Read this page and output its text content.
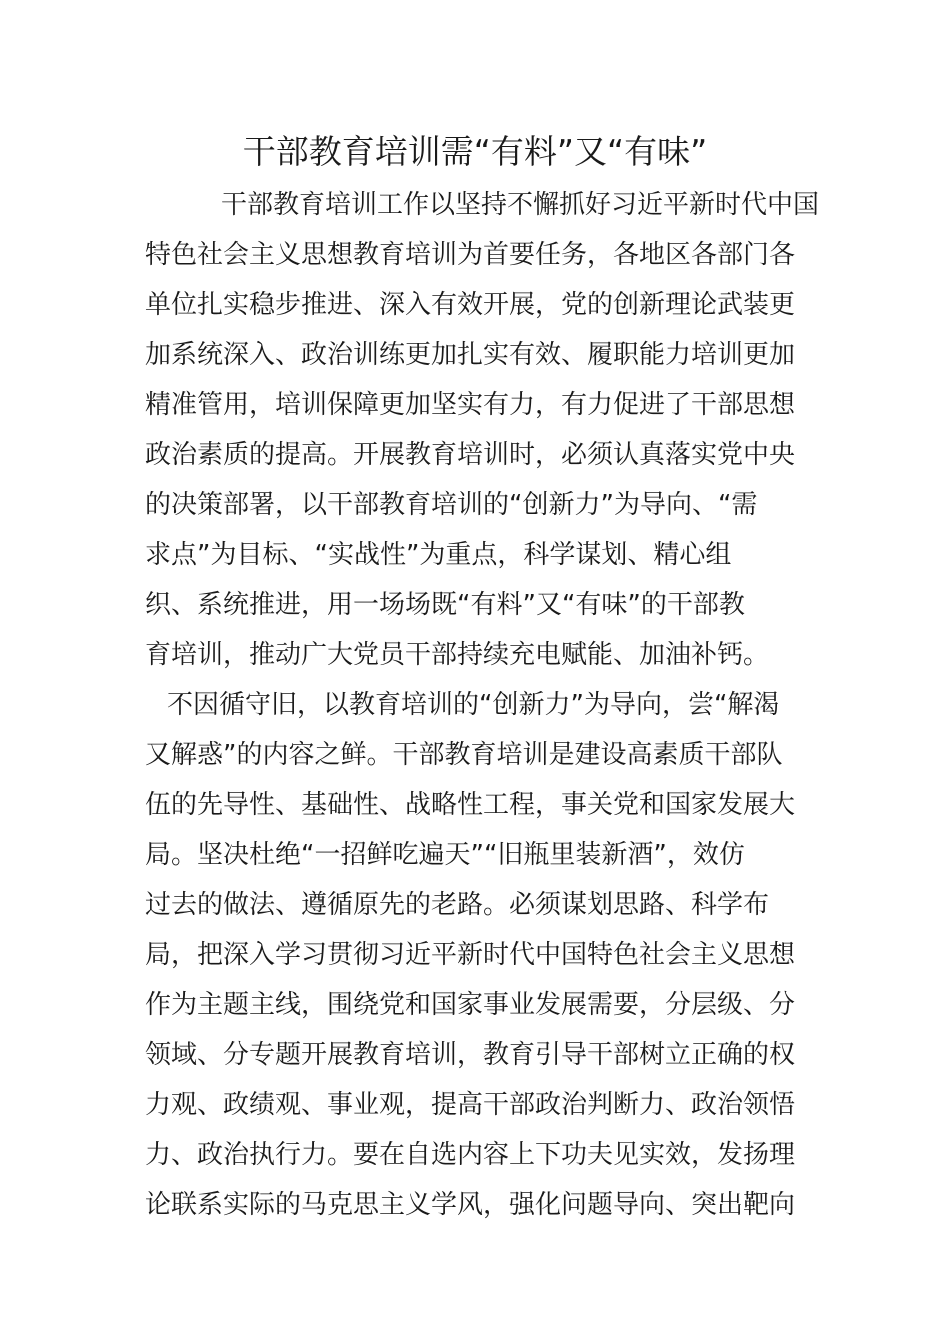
干部教育培训需“有料”又“有味”
干部教育培训工作以坚持不懈抓好习近平新时代中国
特色社会主义思想教育培训为首要任务，各地区各部门各
单位扎实稳步推进、深入有效开展，党的创新理论武装更
加系统深入、政治训练更加扎实有效、履职能力培训更加
精准管用，培训保障更加坚实有力，有力促进了干部思想
政治素质的提高。开展教育培训时，必须认真落实党中央
的决策部署，以干部教育培训的“创新力”为导向、“需
求点”为目标、“实战性”为重点，科学谋划、精心组
织、系统推进，用一场场既“有料”又“有味”的干部教
育培训，推动广大党员干部持续充电赋能、加油补钙。
不因循守旧，以教育培训的“创新力”为导向，尝“解渴
又解惑”的内容之鲜。干部教育培训是建设高素质干部队
伍的先导性、基础性、战略性工程，事关党和国家发展大
局。坚决杜绝“一招鲜吃遍天”“旧瓶里装新酒”，效仿
过去的做法、遵循原先的老路。必须谋划思路、科学布
局，把深入学习贯彻习近平新时代中国特色社会主义思想
作为主题主线，围绕党和国家事业发展需要，分层级、分
领域、分专题开展教育培训，教育引导干部树立正确的权
力观、政绩观、事业观，提高干部政治判断力、政治领悟
力、政治执行力。要在自选内容上下功夫见实效，发扬理
论联系实际的马克思主义学风，强化问题导向、突出靶向
